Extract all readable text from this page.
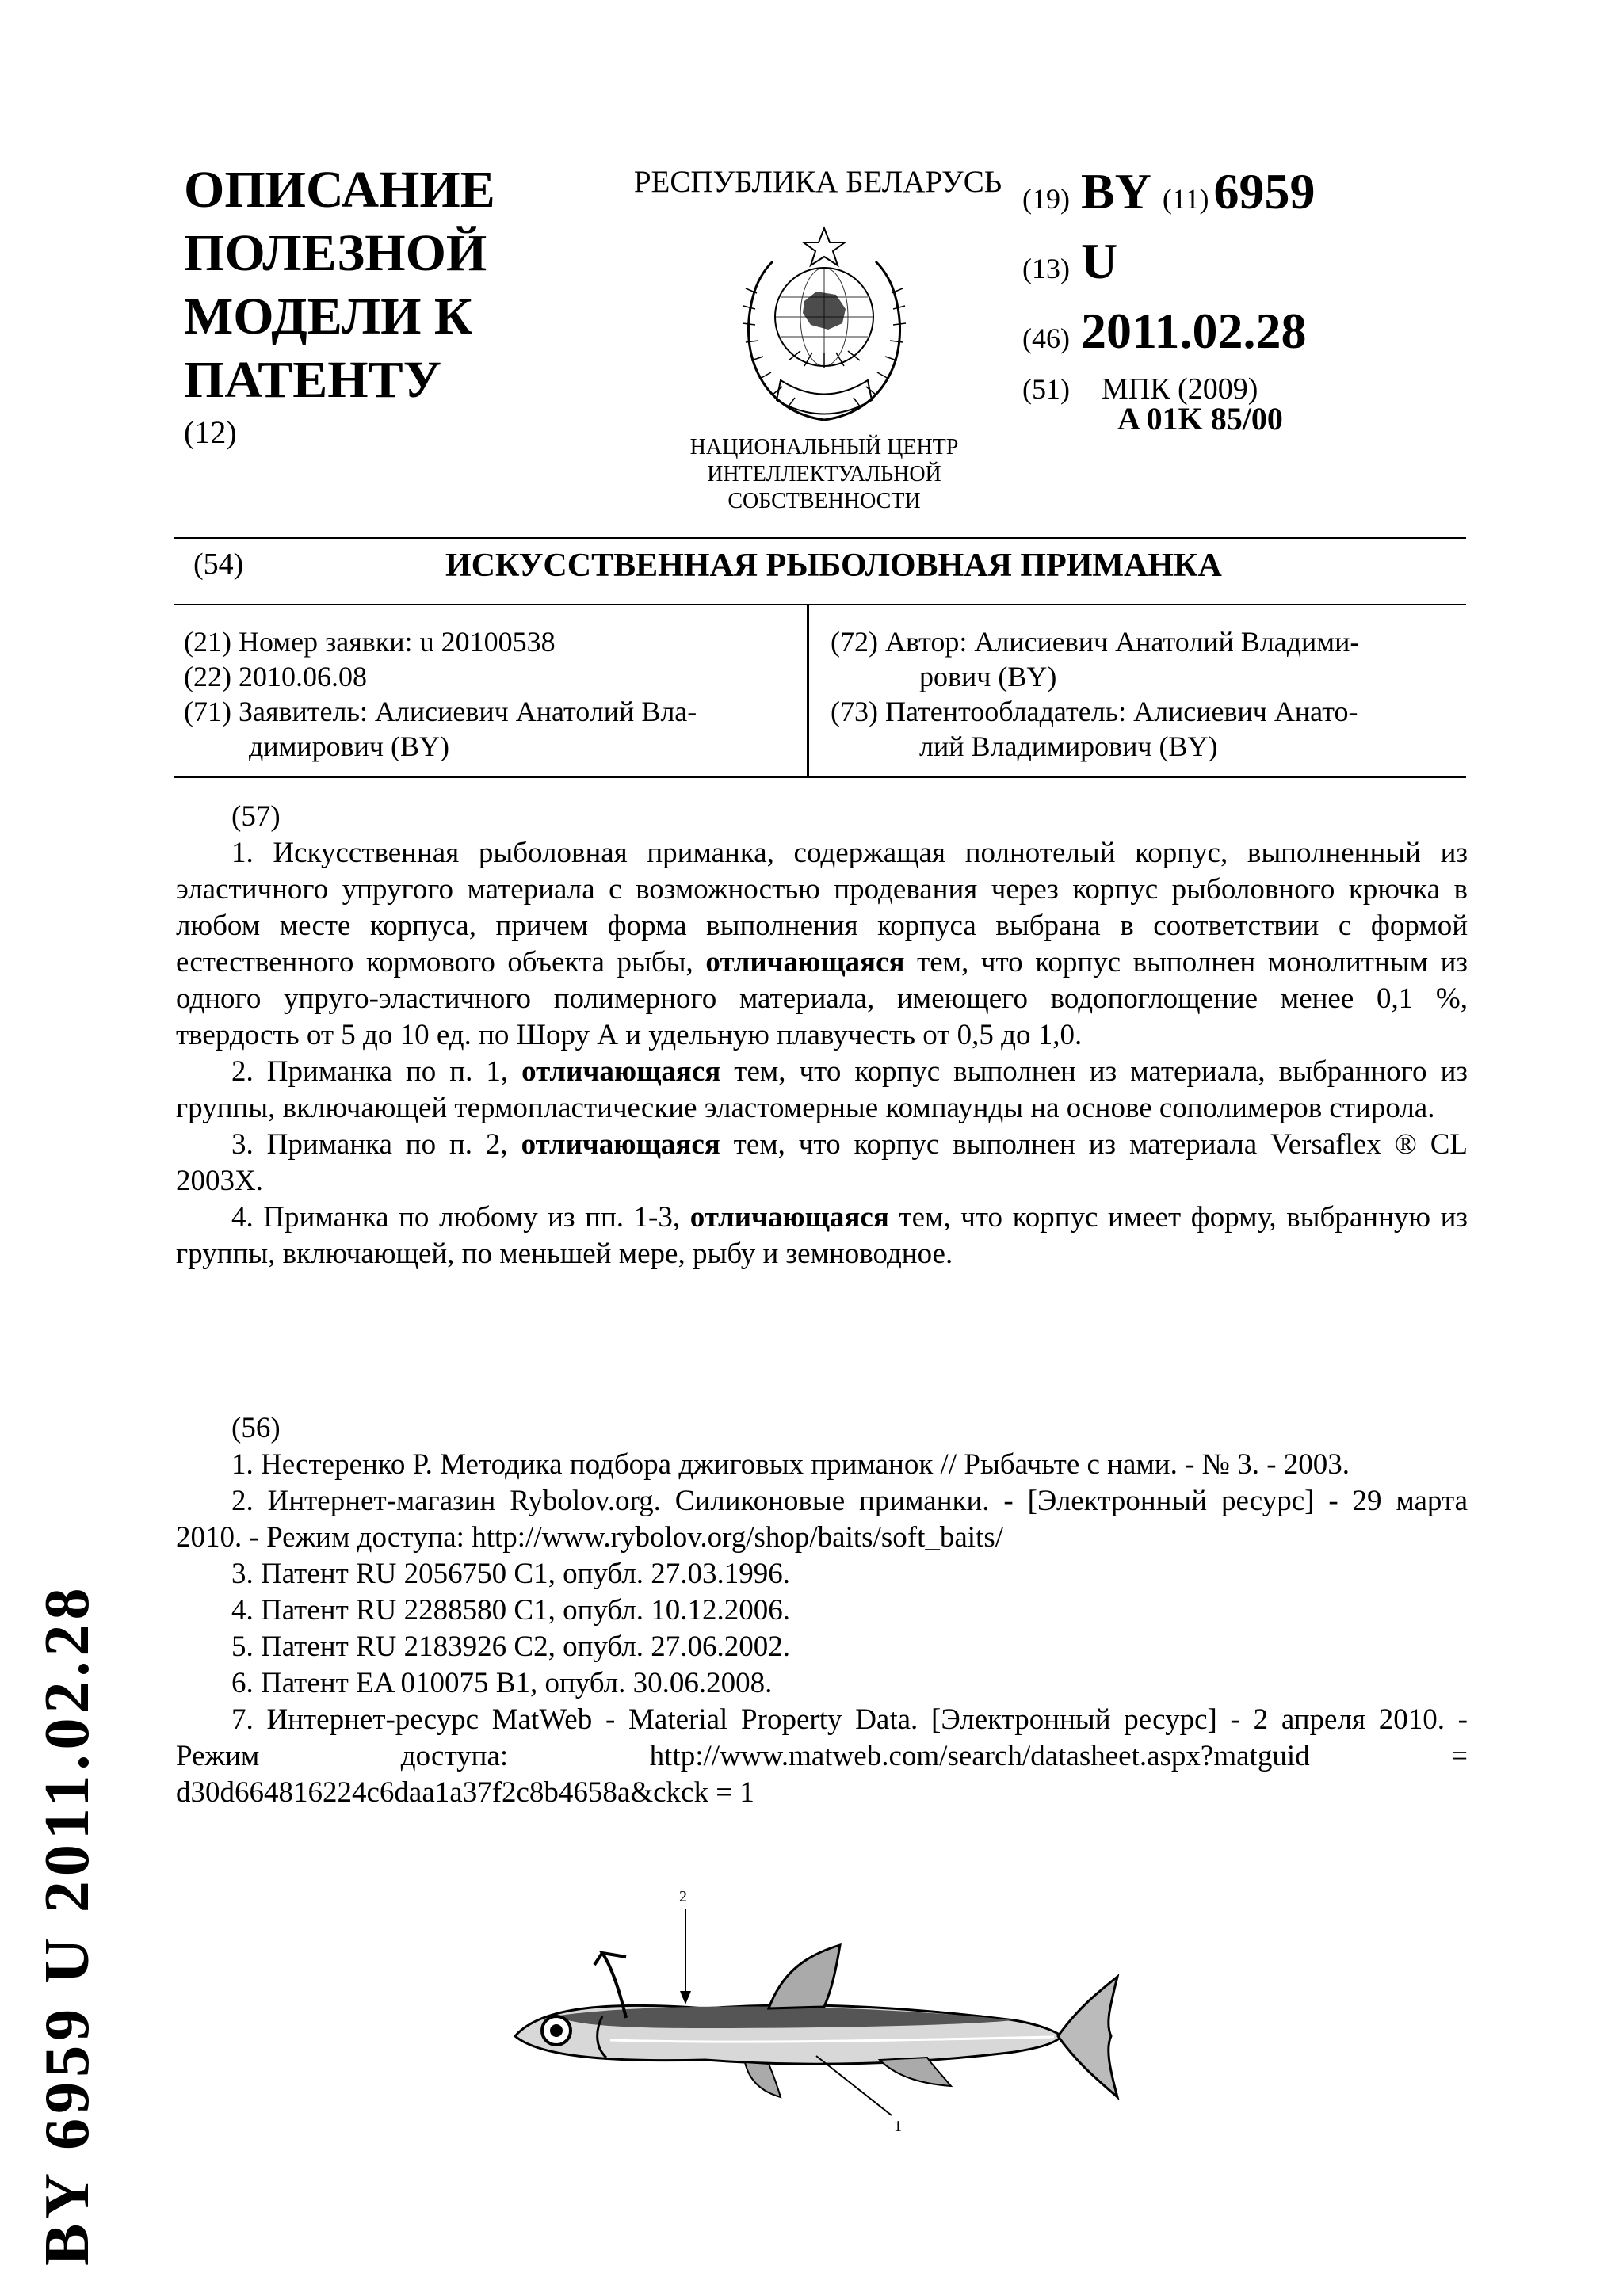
ОПИСАНИЕ
ПОЛЕЗНОЙ
МОДЕЛИ К
ПАТЕНТУ
(12)
РЕСПУБЛИКА БЕЛАРУСЬ
НАЦИОНАЛЬНЫЙ ЦЕНТР
ИНТЕЛЛЕКТУАЛЬНОЙ
СОБСТВЕННОСТИ
(19) BY (11) 6959
(13) U
(46) 2011.02.28
(51) МПК (2009)
A 01K 85/00
(54)	ИСКУССТВЕННАЯ РЫБОЛОВНАЯ ПРИМАНКА
(21) Номер заявки: u 20100538
(22) 2010.06.08
(71) Заявитель: Алисиевич Анатолий Вла-
димирович (BY)
(72) Автор: Алисиевич Анатолий Владими-
рович (BY)
(73) Патентообладатель: Алисиевич Анато-
лий Владимирович (BY)

(57)

1. Искусственная рыболовная приманка, содержащая полнотелый корпус, выполненный из эластичного упругого материала с возможностью продевания через корпус рыболовного крючка в любом месте корпуса, причем форма выполнения корпуса выбрана в соответствии с формой естественного кормового объекта рыбы, отличающаяся тем, что корпус выполнен монолитным из одного упруго-эластичного полимерного материала, имеющего водопоглощение менее 0,1 %, твердость от 5 до 10 ед. по Шору А и удельную плавучесть от 0,5 до 1,0.

2. Приманка по п. 1, отличающаяся тем, что корпус выполнен из материала, выбранного из группы, включающей термопластические эластомерные компаунды на основе сополимеров стирола.

3. Приманка по п. 2, отличающаяся тем, что корпус выполнен из материала Versaflex ® CL 2003X.

4. Приманка по любому из пп. 1-3, отличающаяся тем, что корпус имеет форму, выбранную из группы, включающей, по меньшей мере, рыбу и земноводное.

(56)

1. Нестеренко Р. Методика подбора джиговых приманок // Рыбачьте с нами. - № 3. - 2003.

2. Интернет-магазин Rybolov.org. Силиконовые приманки. - [Электронный ресурс] - 29 марта 2010. - Режим доступа: http://www.rybolov.org/shop/baits/soft_baits/

3. Патент RU 2056750 C1, опубл. 27.03.1996.

4. Патент RU 2288580 C1, опубл. 10.12.2006.

5. Патент RU 2183926 C2, опубл. 27.06.2002.

6. Патент EA 010075 B1, опубл. 30.06.2008.

7. Интернет-ресурс MatWeb - Material Property Data. [Электронный ресурс] - 2 апреля 2010. - Режим доступа: http://www.matweb.com/search/datasheet.aspx?matguid = d30d664816224c6daa1a37f2c8b4658a&ckck = 1

BY 6959 U 2011.02.28	2
1
